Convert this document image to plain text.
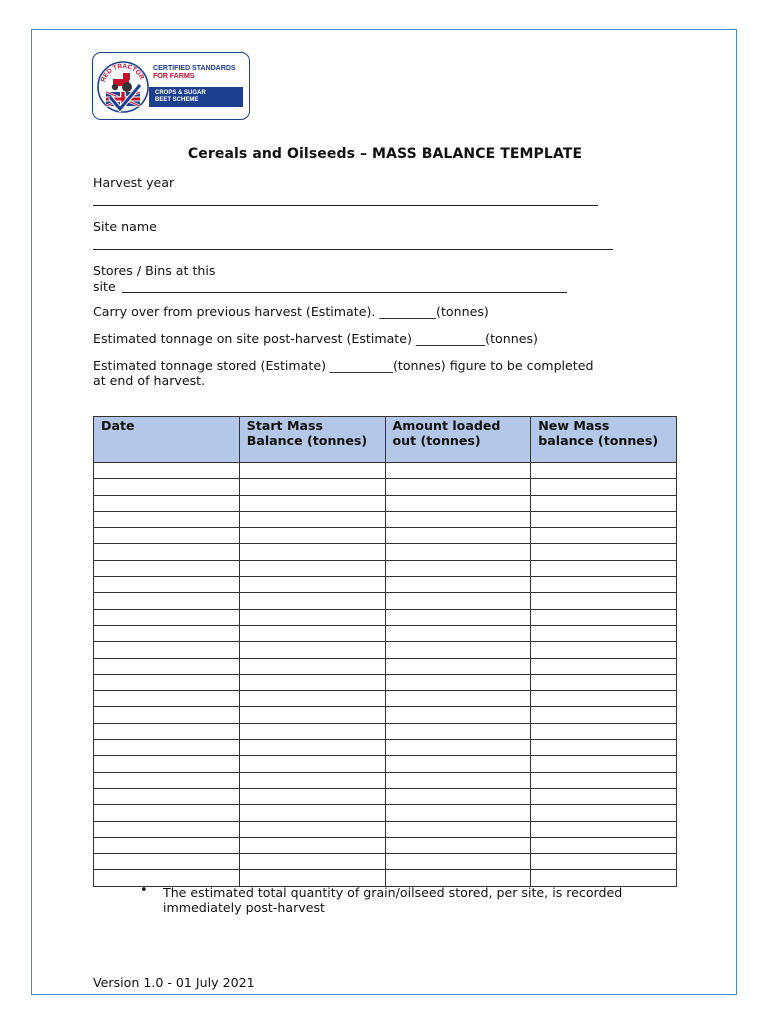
RED TRACTOR
CERTIFIED STANDARDS
FOR FARMS
CROPS & SUGAR
BEET SCHEME
Cereals and Oilseeds – MASS BALANCE TEMPLATE
Harvest year
Site name
Stores / Bins at this
site
Carry over from previous harvest (Estimate). _________(tonnes)
Estimated tonnage on site post-harvest (Estimate) ___________(tonnes)
Estimated tonnage stored (Estimate) __________(tonnes) figure to be completed
at end of harvest.
Date	Start Mass Balance (tonnes)	Amount loaded out (tonnes)	New Mass balance (tonnes)

• The estimated total quantity of grain/oilseed stored, per site, is recorded immediately post-harvest
Version 1.0 - 01 July 2021
